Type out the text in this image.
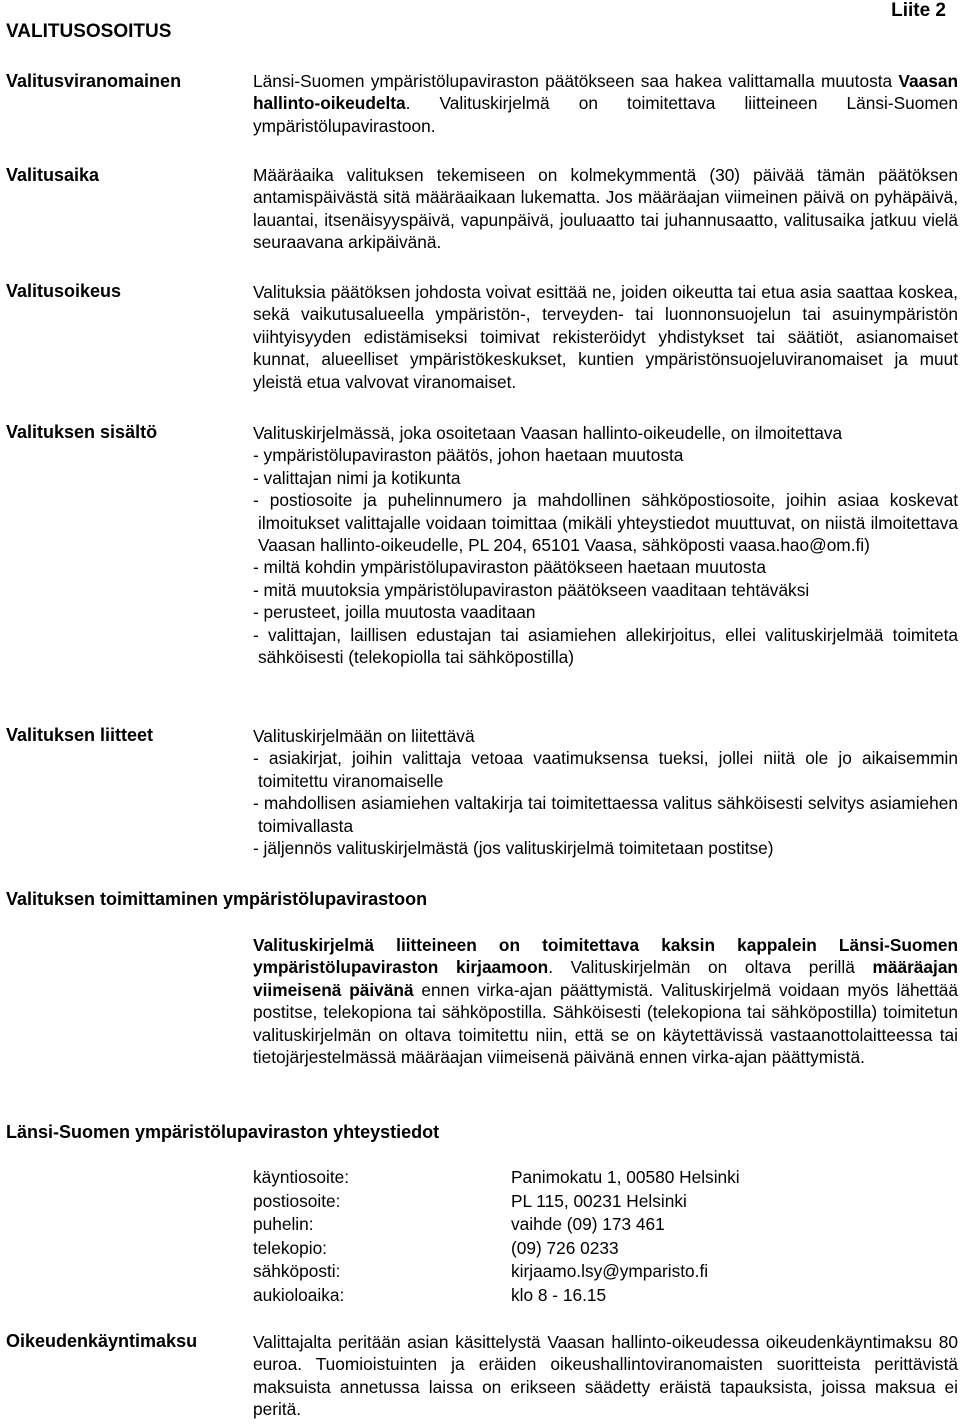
Liite 2
VALITUSOSOITUS
Valitusviranomainen	Länsi-Suomen ympäristölupaviraston päätökseen saa hakea valittamalla muutosta Vaasan hallinto-oikeudelta. Valituskirjelmä on toimitettava liitteineen Länsi-Suomen ympäristölupavirastoon.
Valitusaika	Määräaika valituksen tekemiseen on kolmekymmentä (30) päivää tämän päätöksen antamispäivästä sitä määräaikaan lukematta. Jos määräajan viimeinen päivä on pyhäpäivä, lauantai, itsenäisyyspäivä, vapunpäivä, jouluaatto tai juhannusaatto, valitusaika jatkuu vielä seuraavana arkipäivänä.
Valitusoikeus	Valituksia päätöksen johdosta voivat esittää ne, joiden oikeutta tai etua asia saattaa koskea, sekä vaikutusalueella ympäristön-, terveyden- tai luonnonsuojelun tai asuinympäristön viihtyisyyden edistämiseksi toimivat rekisteröidyt yhdistykset tai säätiöt, asianomaiset kunnat, alueelliset ympäristökeskukset, kuntien ympäristönsuojeluviranomaiset ja muut yleistä etua valvovat viranomaiset.
Valituksen sisältö	Valituskirjelmässä, joka osoitetaan Vaasan hallinto-oikeudelle, on ilmoitettava

- ympäristölupaviraston päätös, johon haetaan muutosta
- valittajan nimi ja kotikunta
- postiosoite ja puhelinnumero ja mahdollinen sähköpostiosoite, joihin asiaa koskevat ilmoitukset valittajalle voidaan toimittaa (mikäli yhteystiedot muuttuvat, on niistä ilmoitettava Vaasan hallinto-oikeudelle, PL 204, 65101 Vaasa, sähköposti vaasa.hao@om.fi)
- miltä kohdin ympäristölupaviraston päätökseen haetaan muutosta
- mitä muutoksia ympäristölupaviraston päätökseen vaaditaan tehtäväksi
- perusteet, joilla muutosta vaaditaan
- valittajan, laillisen edustajan tai asiamiehen allekirjoitus, ellei valituskirjelmää toimiteta sähköisesti (telekopiolla tai sähköpostilla)
Valituksen liitteet	Valituskirjelmään on liitettävä

- asiakirjat, joihin valittaja vetoaa vaatimuksensa tueksi, jollei niitä ole jo aikaisemmin toimitettu viranomaiselle
- mahdollisen asiamiehen valtakirja tai toimitettaessa valitus sähköisesti selvitys asiamiehen toimivallasta
- jäljennös valituskirjelmästä (jos valituskirjelmä toimitetaan postitse)
Valituksen toimittaminen ympäristölupavirastoon
Valituskirjelmä liitteineen on toimitettava kaksin kappalein Länsi-Suomen ympäristölupaviraston kirjaamoon. Valituskirjelmän on oltava perillä määräajan viimeisenä päivänä ennen virka-ajan päättymistä. Valituskirjelmä voidaan myös lähettää postitse, telekopiona tai sähköpostilla. Sähköisesti (telekopiona tai sähköpostilla) toimitetun valituskirjelmän on oltava toimitettu niin, että se on käytettävissä vastaanottolaitteessa tai tietojärjestelmässä määräajan viimeisenä päivänä ennen virka-ajan päättymistä.
Länsi-Suomen ympäristölupaviraston yhteystiedot
käyntiosoite:	Panimokatu 1, 00580 Helsinki
postiosoite:	PL 115, 00231 Helsinki
puhelin:	vaihde (09) 173 461
telekopio:	(09) 726 0233
sähköposti:	kirjaamo.lsy@ymparisto.fi
aukioloaika:	klo 8 - 16.15
Oikeudenkäyntimaksu	Valittajalta peritään asian käsittelystä Vaasan hallinto-oikeudessa oikeudenkäyntimaksu 80 euroa. Tuomioistuinten ja eräiden oikeushallintoviranomaisten suoritteista perittävistä maksuista annetussa laissa on erikseen säädetty eräistä tapauksista, joissa maksua ei peritä.
